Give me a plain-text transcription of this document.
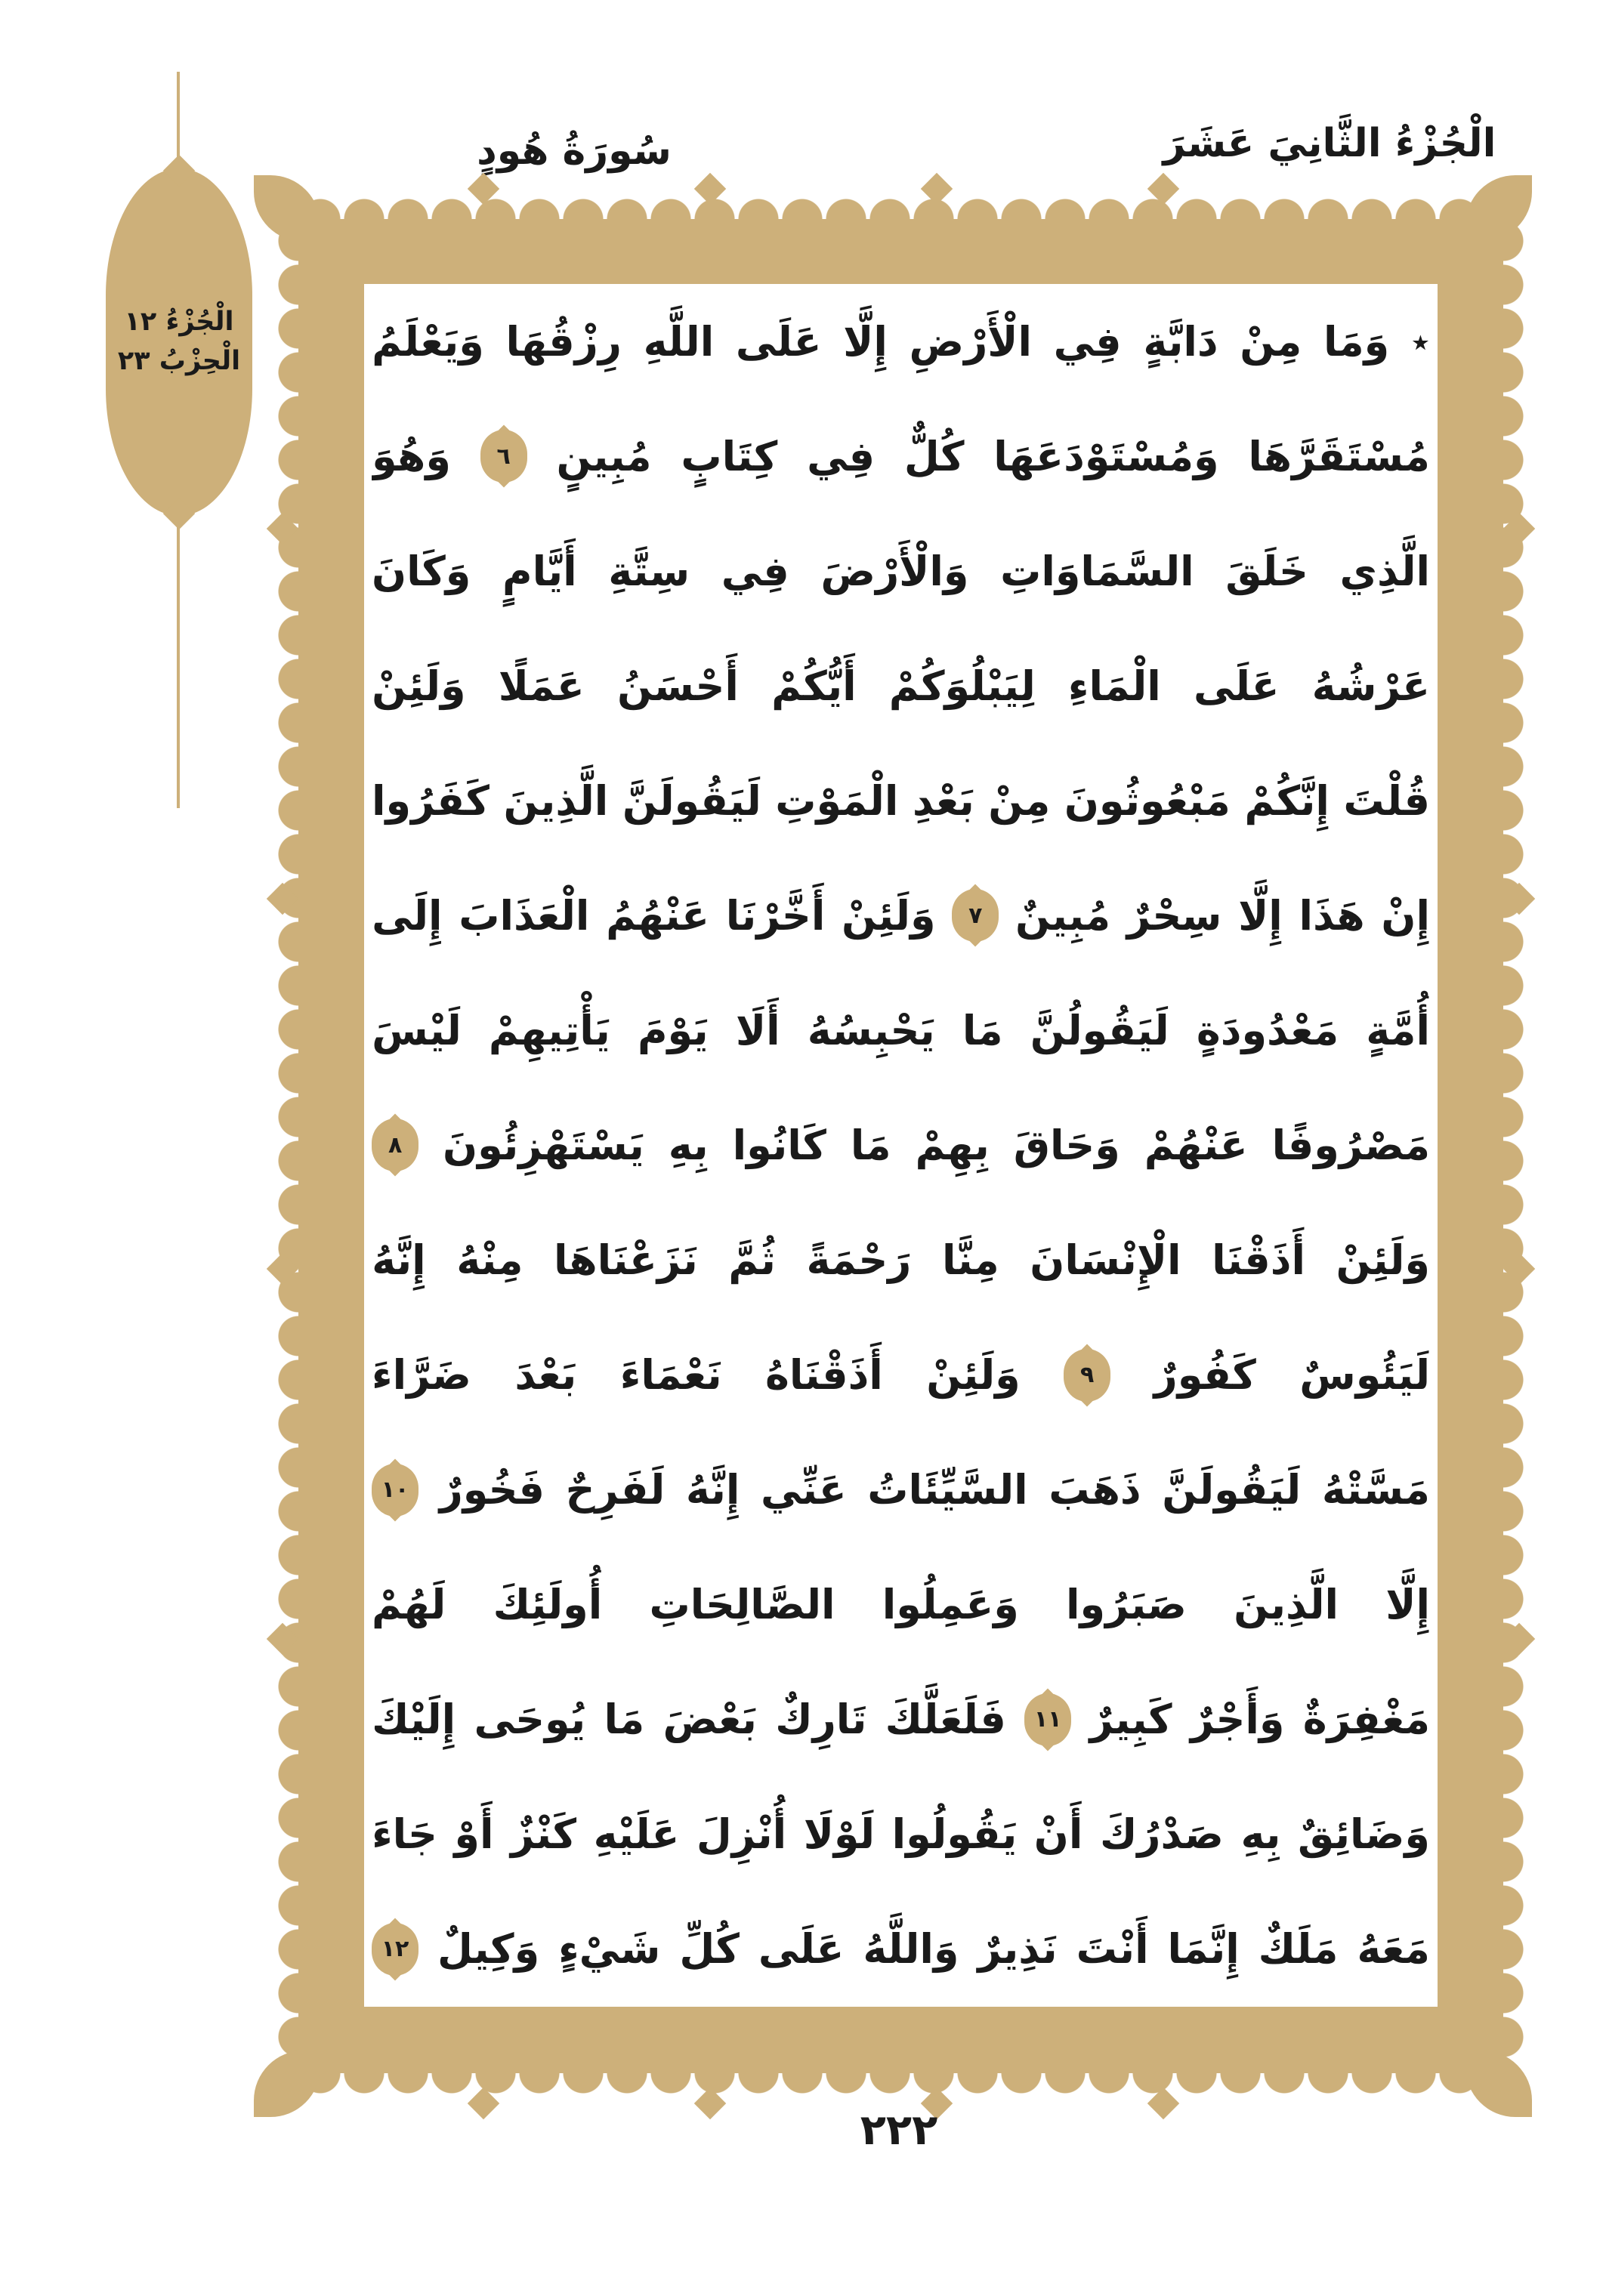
الْجُزْءُ الثَّانِيَ عَشَرَ
سُورَةُ هُودٍ
الْجُزْءُ ١٢
الْحِزْبُ ٢٣	٭
وَمَا
مِنْ
دَابَّةٍ
فِي
الْأَرْضِ
إِلَّا
عَلَى
اللَّهِ
رِزْقُهَا
وَيَعْلَمُ
مُسْتَقَرَّهَا
وَمُسْتَوْدَعَهَا
كُلٌّ
فِي
كِتَابٍ
مُبِينٍ
٦
وَهُوَ
الَّذِي
خَلَقَ
السَّمَاوَاتِ
وَالْأَرْضَ
فِي
سِتَّةِ
أَيَّامٍ
وَكَانَ
عَرْشُهُ
عَلَى
الْمَاءِ
لِيَبْلُوَكُمْ
أَيُّكُمْ
أَحْسَنُ
عَمَلًا
وَلَئِنْ
قُلْتَ
إِنَّكُمْ
مَبْعُوثُونَ
مِنْ
بَعْدِ
الْمَوْتِ
لَيَقُولَنَّ
الَّذِينَ
كَفَرُوا
إِنْ
هَذَا
إِلَّا
سِحْرٌ
مُبِينٌ
٧
وَلَئِنْ
أَخَّرْنَا
عَنْهُمُ
الْعَذَابَ
إِلَى
أُمَّةٍ
مَعْدُودَةٍ
لَيَقُولُنَّ
مَا
يَحْبِسُهُ
أَلَا
يَوْمَ
يَأْتِيهِمْ
لَيْسَ
مَصْرُوفًا
عَنْهُمْ
وَحَاقَ
بِهِمْ
مَا
كَانُوا
بِهِ
يَسْتَهْزِئُونَ
٨
وَلَئِنْ
أَذَقْنَا
الْإِنْسَانَ
مِنَّا
رَحْمَةً
ثُمَّ
نَزَعْنَاهَا
مِنْهُ
إِنَّهُ
لَيَئُوسٌ
كَفُورٌ
٩
وَلَئِنْ
أَذَقْنَاهُ
نَعْمَاءَ
بَعْدَ
ضَرَّاءَ
مَسَّتْهُ
لَيَقُولَنَّ
ذَهَبَ
السَّيِّئَاتُ
عَنِّي
إِنَّهُ
لَفَرِحٌ
فَخُورٌ
١٠
إِلَّا
الَّذِينَ
صَبَرُوا
وَعَمِلُوا
الصَّالِحَاتِ
أُولَئِكَ
لَهُمْ
مَغْفِرَةٌ
وَأَجْرٌ
كَبِيرٌ
١١
فَلَعَلَّكَ
تَارِكٌ
بَعْضَ
مَا
يُوحَى
إِلَيْكَ
وَضَائِقٌ
بِهِ
صَدْرُكَ
أَنْ
يَقُولُوا
لَوْلَا
أُنْزِلَ
عَلَيْهِ
كَنْزٌ
أَوْ
جَاءَ
مَعَهُ
مَلَكٌ
إِنَّمَا
أَنْتَ
نَذِيرٌ
وَاللَّهُ
عَلَى
كُلِّ
شَيْءٍ
وَكِيلٌ
١٢
٢٢٢
